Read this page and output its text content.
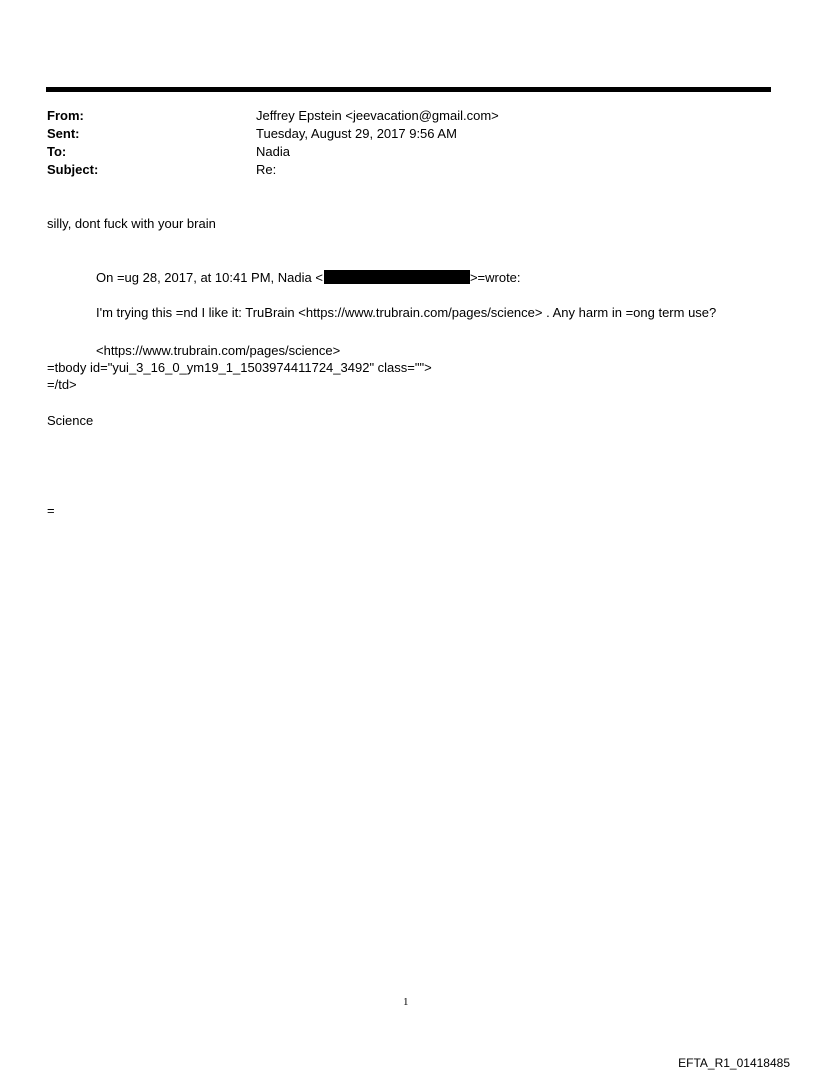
From:	Jeffrey Epstein <jeevacation@gmail.com>
Sent:	Tuesday, August 29, 2017 9:56 AM
To:	Nadia
Subject:	Re:
silly, dont fuck with your brain
On =ug 28, 2017, at 10:41 PM, Nadia <	>=wrote:
I'm trying this =nd I like it: TruBrain <https://www.trubrain.com/pages/science> . Any harm in =ong term use?
<https://www.trubrain.com/pages/science>
=tbody id="yui_3_16_0_ym19_1_1503974411724_3492" class="">
=/td>
Science
=
1
EFTA_R1_01418485
